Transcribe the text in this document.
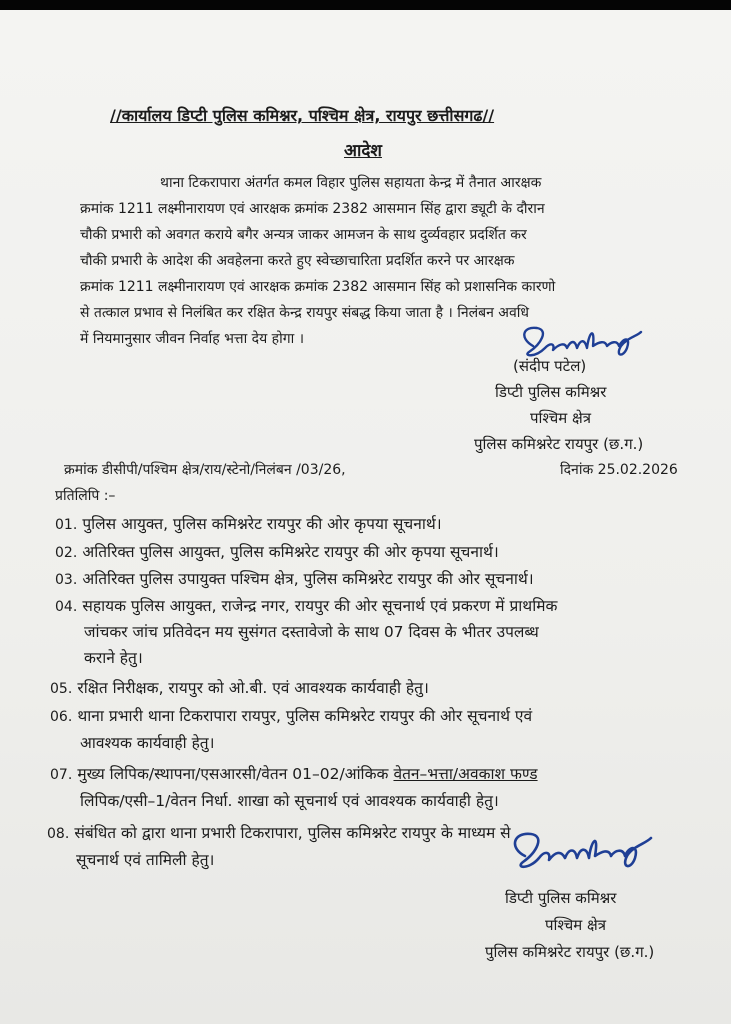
//कार्यालय डिप्टी पुलिस कमिश्नर, पश्चिम क्षेत्र, रायपुर छत्तीसगढ//
आदेश
थाना टिकरापारा अंतर्गत कमल विहार पुलिस सहायता केन्द्र में तैनात आरक्षक
क्रमांक 1211 लक्ष्मीनारायण एवं आरक्षक क्रमांक 2382 आसमान सिंह द्वारा ड्यूटी के दौरान
चौकी प्रभारी को अवगत कराये बगैर अन्यत्र जाकर आमजन के साथ दुर्व्यवहार प्रदर्शित कर
चौकी प्रभारी के आदेश की अवहेलना करते हुए स्वेच्छाचारिता प्रदर्शित करने पर आरक्षक
क्रमांक 1211 लक्ष्मीनारायण एवं आरक्षक क्रमांक 2382 आसमान सिंह को प्रशासनिक कारणो
से तत्काल प्रभाव से निलंबित कर रक्षित केन्द्र रायपुर संबद्ध किया जाता है । निलंबन अवधि
में नियमानुसार जीवन निर्वाह भत्ता देय होगा ।
(संदीप पटेल)
डिप्टी पुलिस कमिश्नर
पश्चिम क्षेत्र
पुलिस कमिश्नरेट रायपुर (छ.ग.)
क्रमांक डीसीपी/पश्चिम क्षेत्र/राय/स्टेनो/निलंबन /03/26,	दिनांक 25.02.2026
प्रतिलिपि :–
01. पुलिस आयुक्त, पुलिस कमिश्नरेट रायपुर की ओर कृपया सूचनार्थ।
02. अतिरिक्त पुलिस आयुक्त, पुलिस कमिश्नरेट रायपुर की ओर कृपया सूचनार्थ।
03. अतिरिक्त पुलिस उपायुक्त पश्चिम क्षेत्र, पुलिस कमिश्नरेट रायपुर की ओर सूचनार्थ।
04. सहायक पुलिस आयुक्त, राजेन्द्र नगर, रायपुर की ओर सूचनार्थ एवं प्रकरण में प्राथमिक
जांचकर जांच प्रतिवेदन मय सुसंगत दस्तावेजो के साथ 07 दिवस के भीतर उपलब्ध
कराने हेतु।
05. रक्षित निरीक्षक, रायपुर को ओ.बी. एवं आवश्यक कार्यवाही हेतु।
06. थाना प्रभारी थाना टिकरापारा रायपुर, पुलिस कमिश्नरेट रायपुर की ओर सूचनार्थ एवं
आवश्यक कार्यवाही हेतु।
07. मुख्य लिपिक/स्थापना/एसआरसी/वेतन 01–02/आंकिक वेतन–भत्ता/अवकाश फण्ड
लिपिक/एसी–1/वेतन निर्धा. शाखा को सूचनार्थ एवं आवश्यक कार्यवाही हेतु।
08. संबंधित को द्वारा थाना प्रभारी टिकरापारा, पुलिस कमिश्नरेट रायपुर के माध्यम से
सूचनार्थ एवं तामिली हेतु।
डिप्टी पुलिस कमिश्नर
पश्चिम क्षेत्र
पुलिस कमिश्नरेट रायपुर (छ.ग.)
